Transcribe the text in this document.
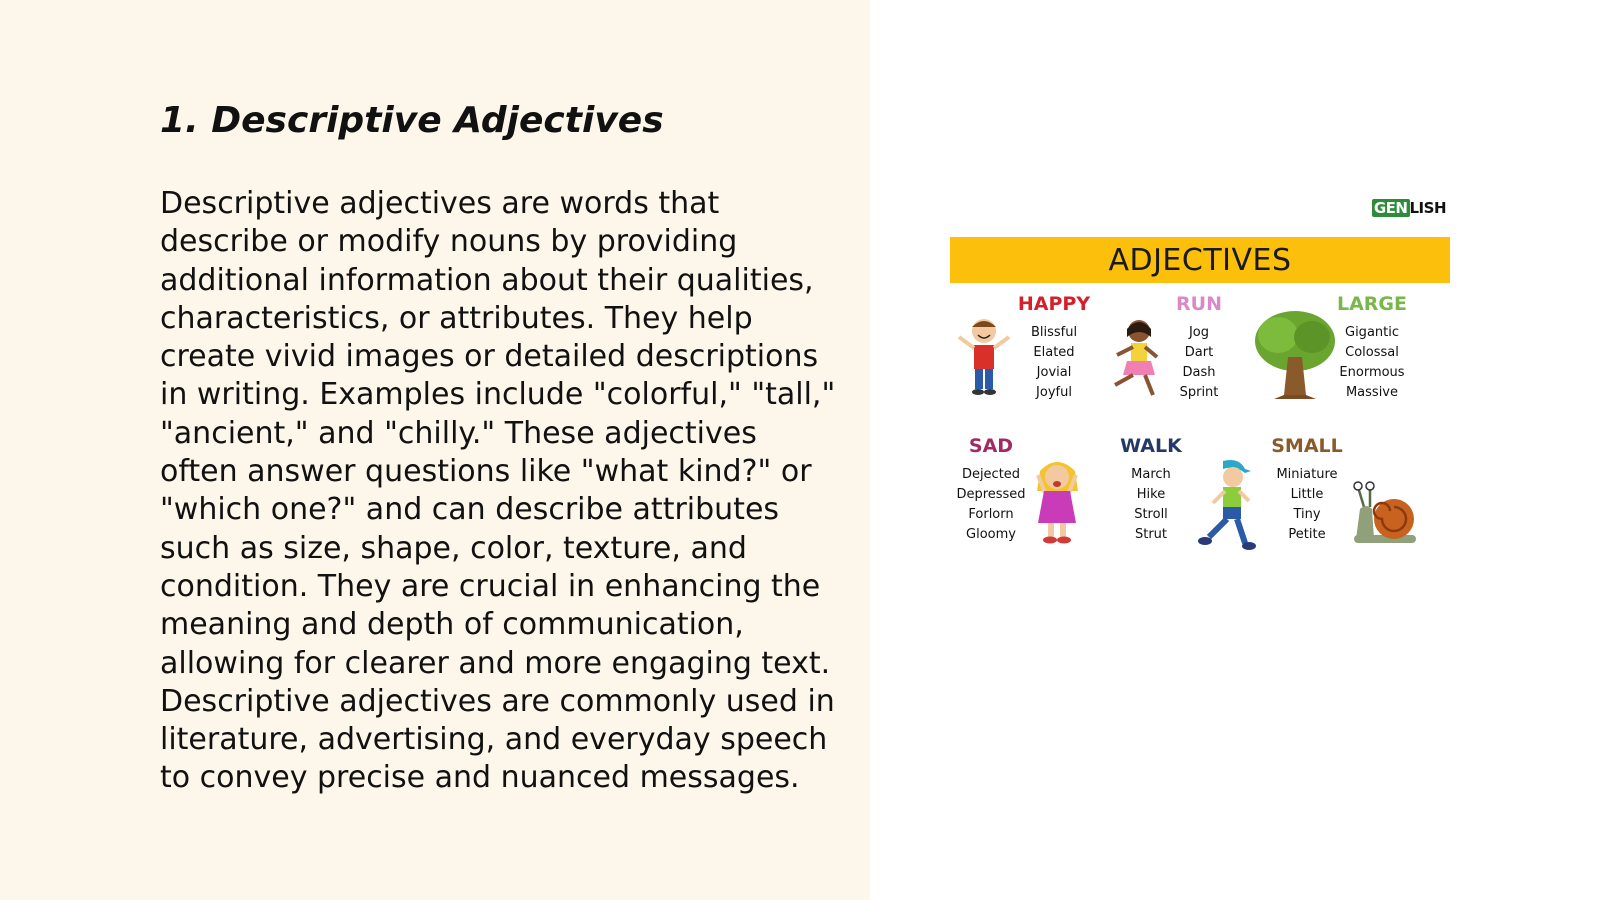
1. Descriptive Adjectives

Descriptive adjectives are words that describe or modify nouns by providing additional information about their qualities, characteristics, or attributes. They help create vivid images or detailed descriptions in writing. Examples include "colorful," "tall," "ancient," and "chilly." These adjectives often answer questions like "what kind?" or "which one?" and can describe attributes such as size, shape, color, texture, and condition. They are crucial in enhancing the meaning and depth of communication, allowing for clearer and more engaging text. Descriptive adjectives are commonly used in literature, advertising, and everyday speech to convey precise and nuanced messages.

GEN LISH
ADJECTIVES
HAPPY
Blissful
Elated
Jovial
Joyful
RUN
Jog
Dart
Dash
Sprint
LARGE
Gigantic
Colossal
Enormous
Massive
SAD
Dejected
Depressed
Forlorn
Gloomy
WALK
March
Hike
Stroll
Strut
SMALL
Miniature
Little
Tiny
Petite
